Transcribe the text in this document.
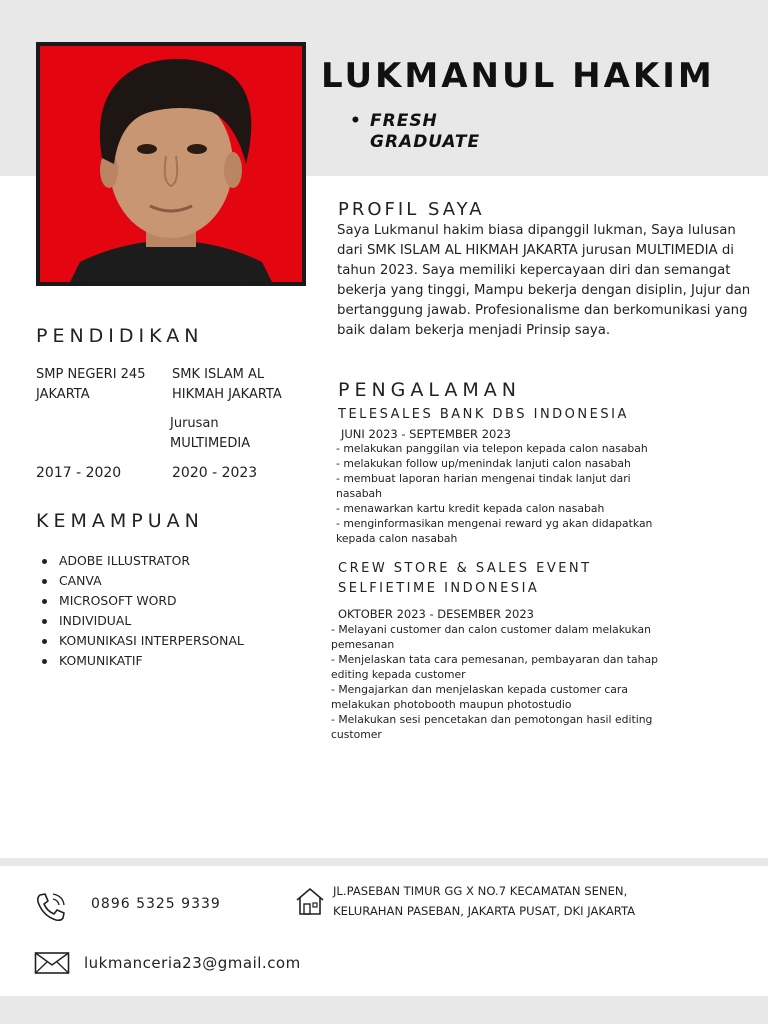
LUKMANUL HAKIM
• FRESH
GRADUATE
PROFIL SAYA
Saya Lukmanul hakim biasa dipanggil lukman, Saya lulusan dari SMK ISLAM AL HIKMAH JAKARTA jurusan MULTIMEDIA di tahun 2023. Saya memiliki kepercayaan diri dan semangat bekerja yang tinggi, Mampu bekerja dengan disiplin, Jujur dan bertanggung jawab. Profesionalisme dan berkomunikasi yang baik dalam bekerja menjadi Prinsip saya.
PENDIDIKAN
SMP NEGERI 245
JAKARTA
2017 - 2020
SMK ISLAM AL
HIKMAH JAKARTA
Jurusan
MULTIMEDIA
2020 - 2023
KEMAMPUAN
ADOBE ILLUSTRATOR
CANVA
MICROSOFT WORD
INDIVIDUAL
KOMUNIKASI INTERPERSONAL
KOMUNIKATIF
PENGALAMAN
TELESALES BANK DBS INDONESIA
JUNI 2023 - SEPTEMBER 2023
- melakukan panggilan via telepon kepada calon nasabah
- melakukan follow up/menindak lanjuti calon nasabah
- membuat laporan harian mengenai tindak lanjut dari
nasabah
- menawarkan kartu kredit kepada calon nasabah
- menginformasikan mengenai reward yg akan didapatkan
kepada calon nasabah
CREW STORE & SALES EVENT
SELFIETIME INDONESIA
OKTOBER 2023 - DESEMBER 2023
- Melayani customer dan calon customer dalam melakukan
pemesanan
- Menjelaskan tata cara pemesanan, pembayaran dan tahap
editing kepada customer
- Mengajarkan dan menjelaskan kepada customer cara
melakukan photobooth maupun photostudio
- Melakukan sesi pencetakan dan pemotongan hasil editing
customer
0896 5325 9339
JL.PASEBAN TIMUR GG X NO.7 KECAMATAN SENEN,
KELURAHAN PASEBAN, JAKARTA PUSAT, DKI JAKARTA
lukmanceria23@gmail.com
